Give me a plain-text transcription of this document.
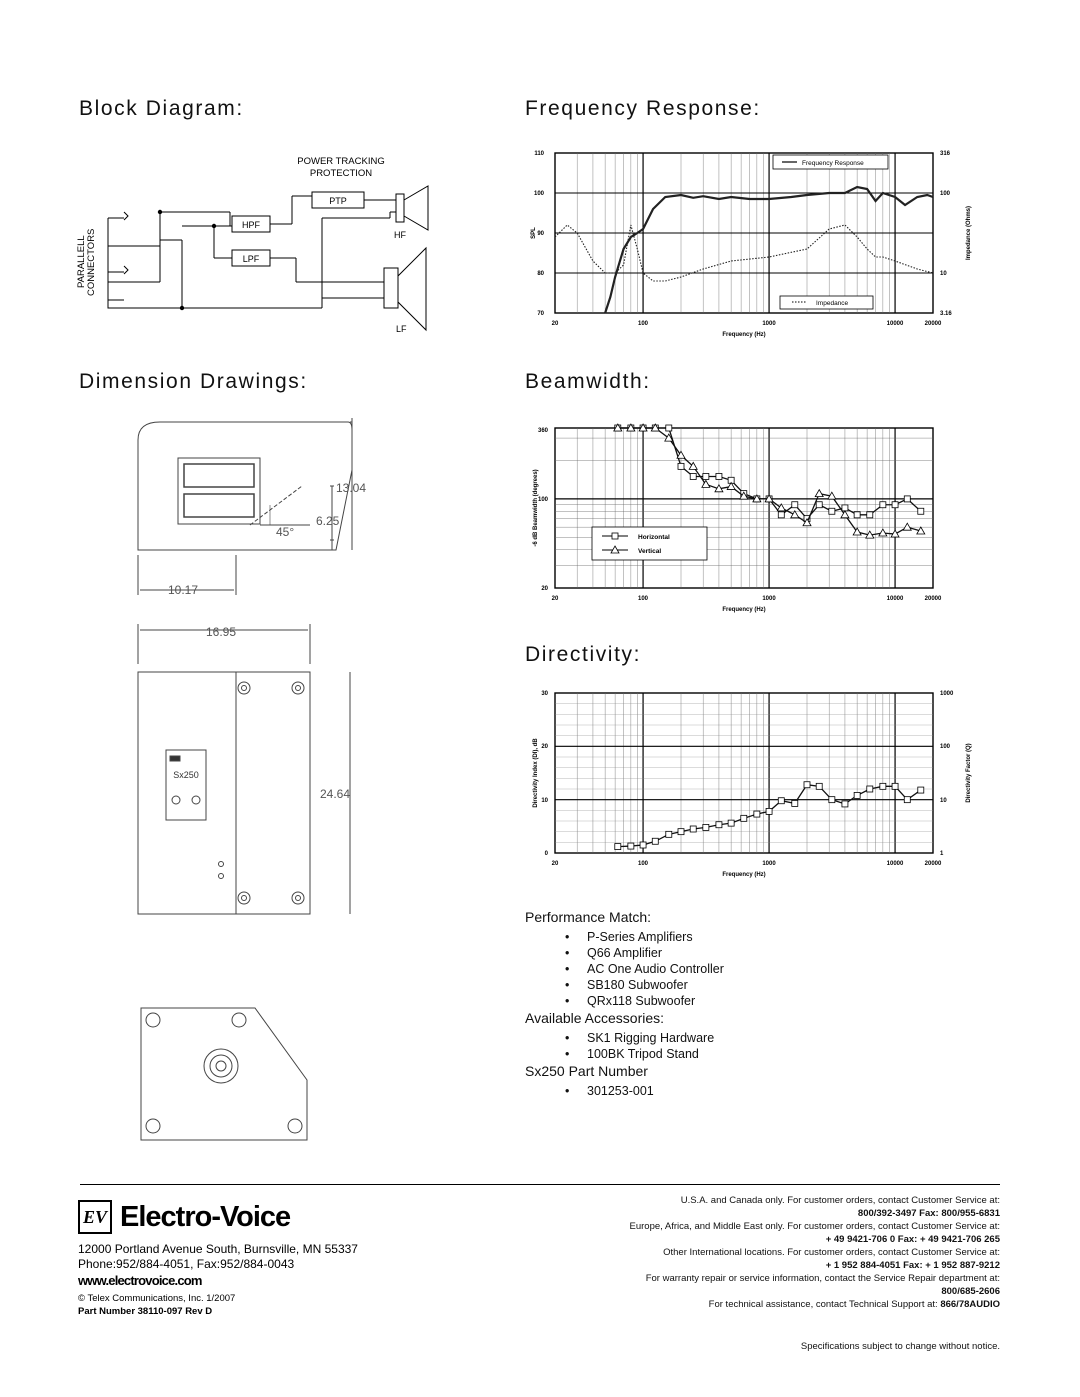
Block Diagram:	Frequency Response:
Dimension Drawings:	Beamwidth:
Directivity:
POWER TRACKING
PROTECTION
PTP
HPF
LPF
HF
LF
PARALLELL CONNECTORS
110
100
90
80
70
316
100
10
3.16
20	100	1000	10000	20000
Frequency (Hz)
SPL	Impedance (Ohms)
Frequency Response
Impedance
360
100
20
20	100	1000	10000	20000
Frequency (Hz)
-6 dB Beamwidth (degrees)	Horizontal
Vertical
30
20
10
0
1000
100
10
1
20	100	1000	10000	20000
Frequency (Hz)
Directivity Index (DI), dB	Directivity Factor (Q)
13.04
6.25
45°
10.17
Sx250
16.95
24.64
Performance Match:
• P-Series Amplifiers
• Q66 Amplifier
• AC One Audio Controller
• SB180 Subwoofer
• QRx118 Subwoofer
Available Accessories:
• SK1 Rigging Hardware
• 100BK Tripod Stand
Sx250 Part Number
• 301253-001
EV Electro-Voice
12000 Portland Avenue South, Burnsville, MN 55337
Phone:952/884-4051, Fax:952/884-0043
www.electrovoice.com
© Telex Communications, Inc. 1/2007
Part Number 38110-097 Rev D
U.S.A. and Canada only. For customer orders, contact Customer Service at:
800/392-3497 Fax: 800/955-6831
Europe, Africa, and Middle East only. For customer orders, contact Customer Service at:
+ 49 9421-706 0 Fax: + 49 9421-706 265
Other International locations. For customer orders, contact Customer Service at:
+ 1 952 884-4051 Fax: + 1 952 887-9212
For warranty repair or service information, contact the Service Repair department at:
800/685-2606
For technical assistance, contact Technical Support at: 866/78AUDIO
Specifications subject to change without notice.
